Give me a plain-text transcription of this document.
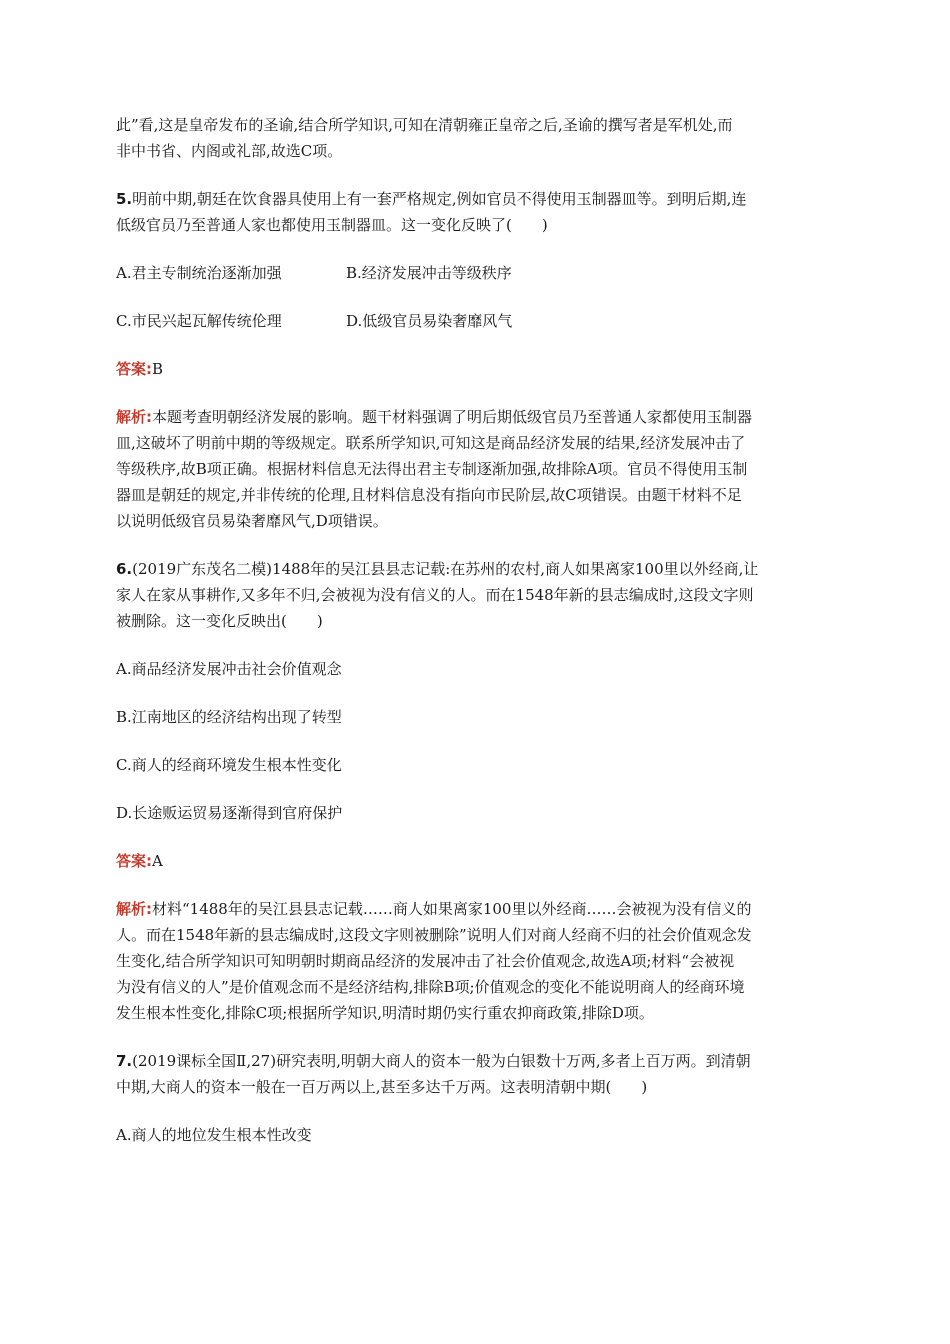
此”看,这是皇帝发布的圣谕,结合所学知识,可知在清朝雍正皇帝之后,圣谕的撰写者是军机处,而
非中书省、内阁或礼部,故选C项。
5.明前中期,朝廷在饮食器具使用上有一套严格规定,例如官员不得使用玉制器皿等。到明后期,连
低级官员乃至普通人家也都使用玉制器皿。这一变化反映了(　　)
A.君主专制统治逐渐加强	B.经济发展冲击等级秩序
C.市民兴起瓦解传统伦理	D.低级官员易染奢靡风气
答案:B
解析:本题考查明朝经济发展的影响。题干材料强调了明后期低级官员乃至普通人家都使用玉制器
皿,这破坏了明前中期的等级规定。联系所学知识,可知这是商品经济发展的结果,经济发展冲击了
等级秩序,故B项正确。根据材料信息无法得出君主专制逐渐加强,故排除A项。官员不得使用玉制
器皿是朝廷的规定,并非传统的伦理,且材料信息没有指向市民阶层,故C项错误。由题干材料不足
以说明低级官员易染奢靡风气,D项错误。
6.(2019广东茂名二模)1488年的吴江县县志记载:在苏州的农村,商人如果离家100里以外经商,让
家人在家从事耕作,又多年不归,会被视为没有信义的人。而在1548年新的县志编成时,这段文字则
被删除。这一变化反映出(　　)
A.商品经济发展冲击社会价值观念
B.江南地区的经济结构出现了转型
C.商人的经商环境发生根本性变化
D.长途贩运贸易逐渐得到官府保护
答案:A
解析:材料“1488年的吴江县县志记载……商人如果离家100里以外经商……会被视为没有信义的
人。而在1548年新的县志编成时,这段文字则被删除”说明人们对商人经商不归的社会价值观念发
生变化,结合所学知识可知明朝时期商品经济的发展冲击了社会价值观念,故选A项;材料“会被视
为没有信义的人”是价值观念而不是经济结构,排除B项;价值观念的变化不能说明商人的经商环境
发生根本性变化,排除C项;根据所学知识,明清时期仍实行重农抑商政策,排除D项。
7.(2019课标全国Ⅱ,27)研究表明,明朝大商人的资本一般为白银数十万两,多者上百万两。到清朝
中期,大商人的资本一般在一百万两以上,甚至多达千万两。这表明清朝中期(　　)
A.商人的地位发生根本性改变
